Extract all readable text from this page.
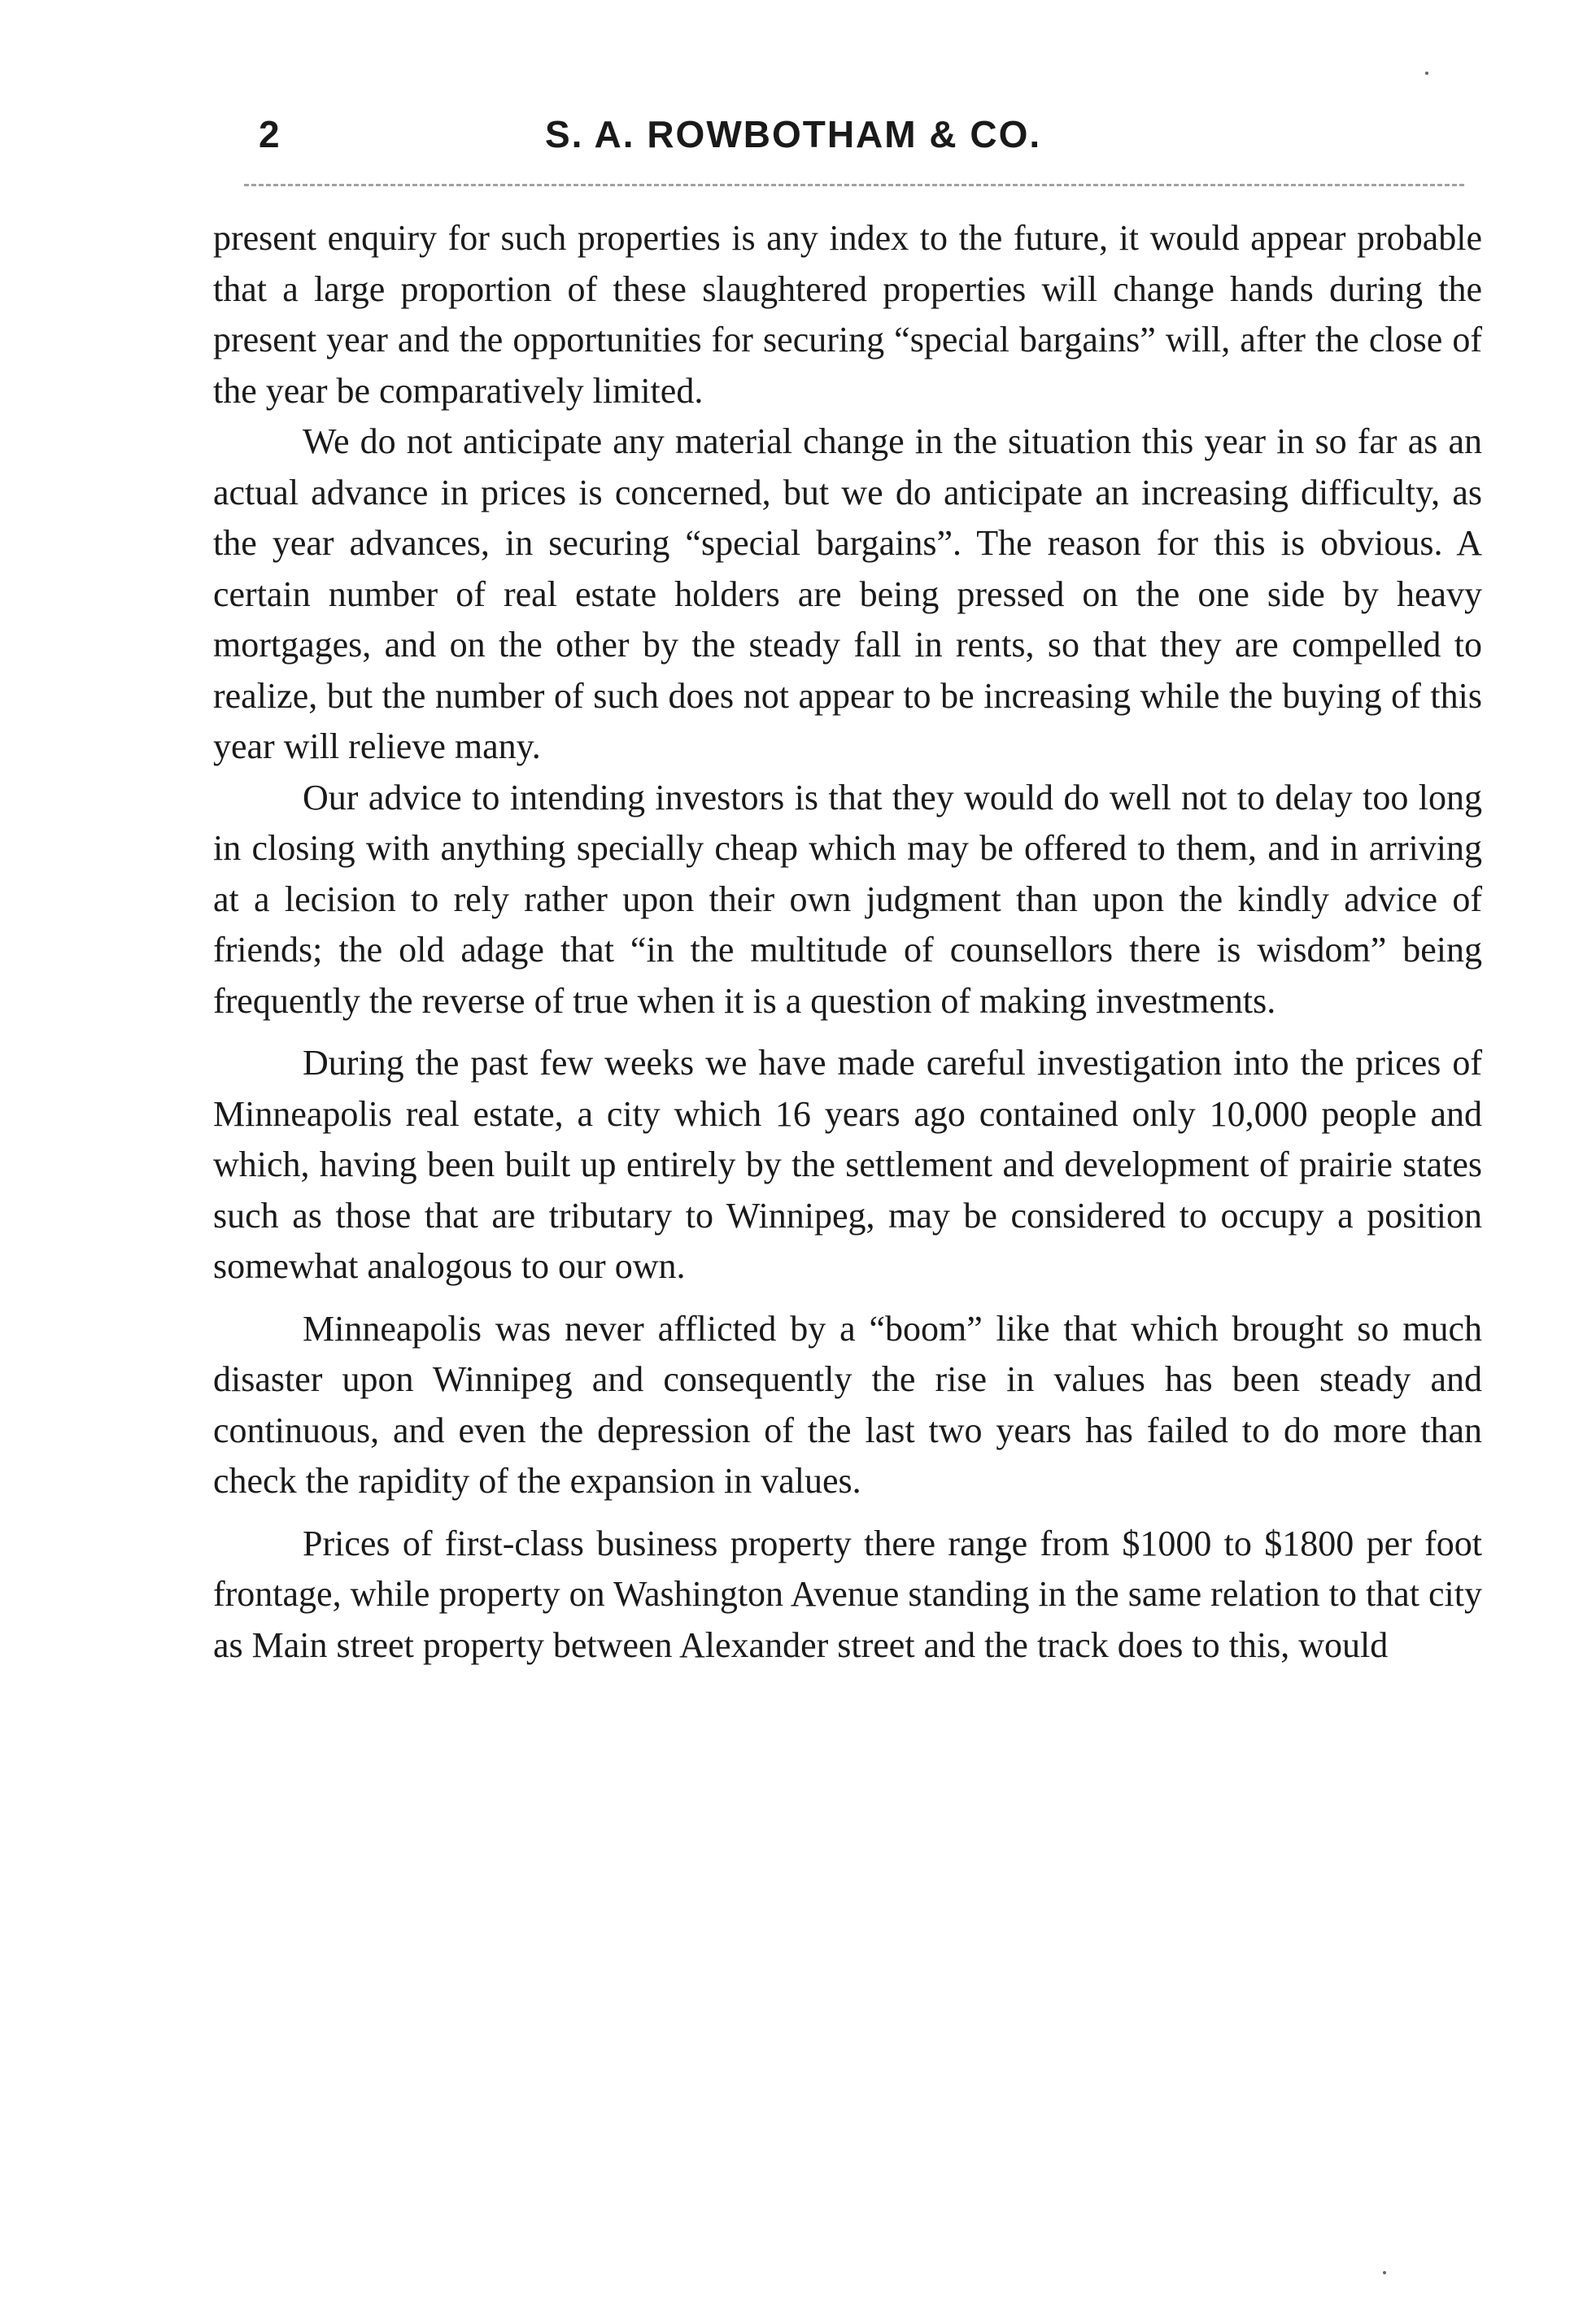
2	S. A. ROWBOTHAM & CO.

present enquiry for such properties is any index to the future, it would appear probable that a large proportion of these slaughtered properties will change hands during the present year and the opportunities for securing “special bargains” will, after the close of the year be comparatively limited.

We do not anticipate any material change in the situation this year in so far as an actual advance in prices is concerned, but we do anticipate an increasing difficulty, as the year advances, in securing “special bargains”. The reason for this is obvious. A certain number of real estate holders are being pressed on the one side by heavy mortgages, and on the other by the steady fall in rents, so that they are compelled to realize, but the number of such does not appear to be increasing while the buying of this year will relieve many.

Our advice to intending investors is that they would do well not to delay too long in closing with anything specially cheap which may be offered to them, and in arriving at a lecision to rely rather upon their own judgment than upon the kindly advice of friends; the old adage that “in the multitude of counsellors there is wisdom” being frequently the reverse of true when it is a question of making investments.

During the past few weeks we have made careful investigation into the prices of Minneapolis real estate, a city which 16 years ago contained only 10,000 people and which, having been built up entirely by the settlement and development of prairie states such as those that are tributary to Winnipeg, may be considered to occupy a position somewhat analogous to our own.

Minneapolis was never afflicted by a “boom” like that which brought so much disaster upon Winnipeg and consequently the rise in values has been steady and continuous, and even the depression of the last two years has failed to do more than check the rapidity of the expansion in values.

Prices of first-class business property there range from $1000 to $1800 per foot frontage, while property on Washington Avenue standing in the same relation to that city as Main street property between Alexander street and the track does to this, would
